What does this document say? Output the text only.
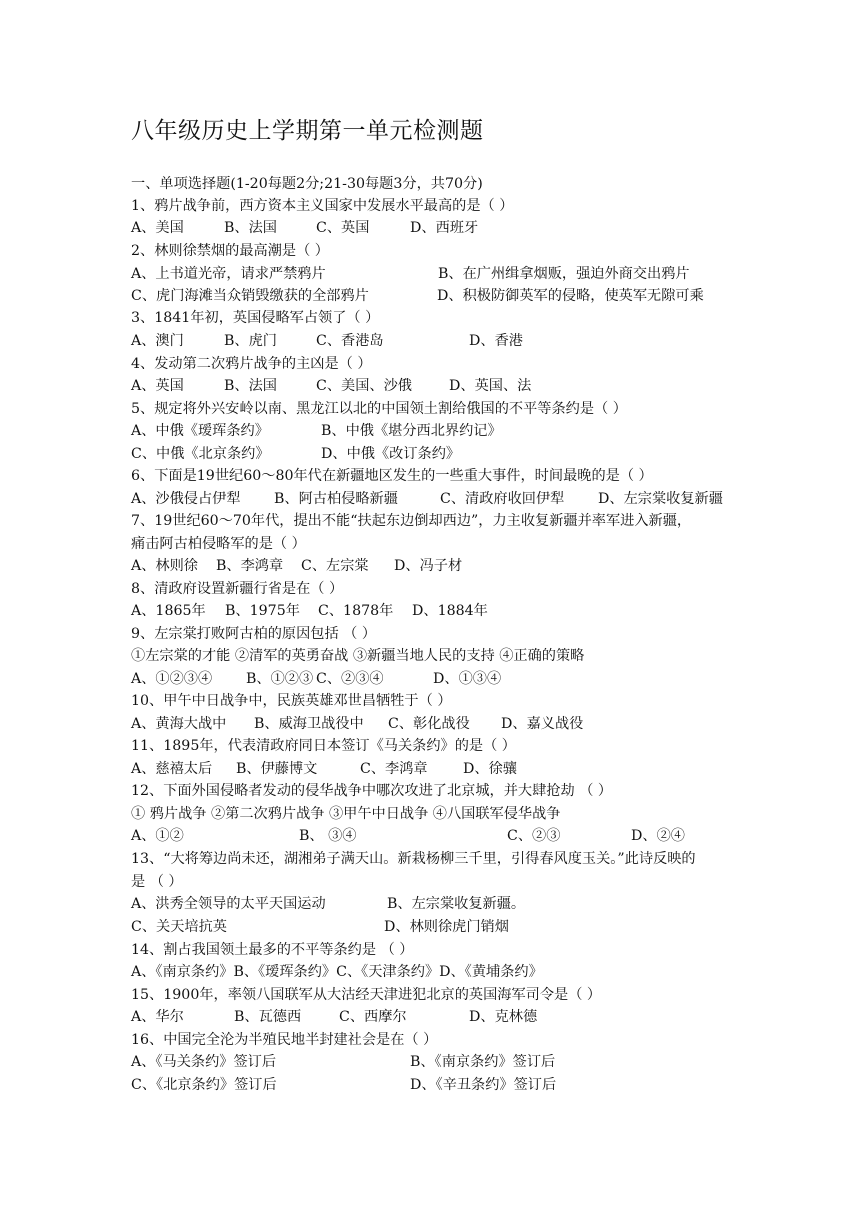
八年级历史上学期第一单元检测题
一、单项选择题(1-20每题2分;21-30每题3分，共70分)
1、鸦片战争前，西方资本主义国家中发展水平最高的是（ ）
A、美国	B、法国	C、英国	D、西班牙
2、林则徐禁烟的最高潮是（ ）
A、上书道光帝，请求严禁鸦片	B、在广州缉拿烟贩，强迫外商交出鸦片
C、虎门海滩当众销毁缴获的全部鸦片	D、积极防御英军的侵略，使英军无隙可乘
3、1841年初，英国侵略军占领了（ ）
A、澳门	B、虎门	C、香港岛	D、香港
4、发动第二次鸦片战争的主凶是（ ）
A、英国	B、法国	C、美国、沙俄	D、英国、法
5、规定将外兴安岭以南、黑龙江以北的中国领土割给俄国的不平等条约是（ ）
A、中俄《瑷珲条约》	B、中俄《堪分西北界约记》
C、中俄《北京条约》	D、中俄《改订条约》
6、下面是19世纪60～80年代在新疆地区发生的一些重大事件，时间最晚的是（ ）
A、沙俄侵占伊犁 B、阿古柏侵略新疆	C、清政府收回伊犁 D、左宗棠收复新疆
7、19世纪60～70年代，提出不能“扶起东边倒却西边”，力主收复新疆并率军进入新疆，
痛击阿古柏侵略军的是（ ）
A、林则徐 B、李鸿章 C、左宗棠 D、冯子材
8、清政府设置新疆行省是在（ ）
A、1865年 B、1975年 C、1878年 D、1884年
9、左宗棠打败阿古柏的原因包括 （ ）
①左宗棠的才能 ②清军的英勇奋战 ③新疆当地人民的支持 ④正确的策略
A、①②③④ B、①②③ C、②③④	D、①③④
10、甲午中日战争中，民族英雄邓世昌牺牲于（ ）
A、黄海大战中 B、威海卫战役中 C、彰化战役 D、嘉义战役
11、1895年，代表清政府同日本签订《马关条约》的是（ ）
A、慈禧太后 B、伊藤博文	C、李鸿章 D、徐骧
12、下面外国侵略者发动的侵华战争中哪次攻进了北京城，并大肆抢劫 （ ）
① 鸦片战争 ②第二次鸦片战争 ③甲午中日战争 ④八国联军侵华战争
A、①②	B、 ③④	C、②③	D、②④
13、“大将筹边尚未还，湖湘弟子满天山。新栽杨柳三千里，引得春风度玉关。”此诗反映的
是 （ ）
A、洪秀全领导的太平天国运动	B、左宗棠收复新疆。
C、关天培抗英	D、林则徐虎门销烟
14、割占我国领土最多的不平等条约是 （ ）
A、《南京条约》B、《瑷珲条约》C、《天津条约》D、《黄埔条约》
15、1900年，率领八国联军从大沽经天津进犯北京的英国海军司令是（ ）
A、华尔	B、瓦德西	C、西摩尔	D、克林德
16、中国完全沦为半殖民地半封建社会是在（ ）
A、《马关条约》签订后	B、《南京条约》签订后
C、《北京条约》签订后	D、《辛丑条约》签订后
